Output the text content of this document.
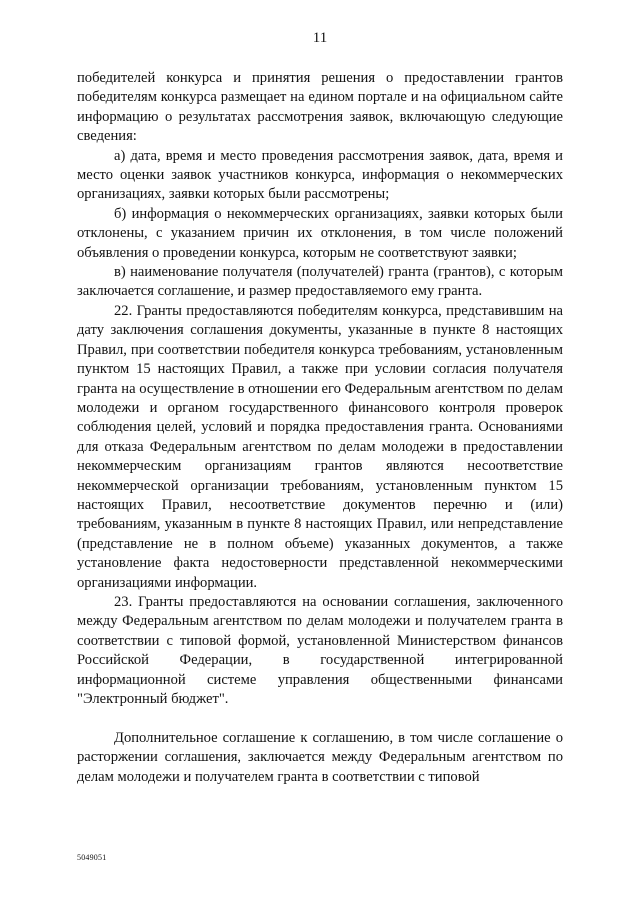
11

победителей конкурса и принятия решения о предоставлении грантов победителям конкурса размещает на едином портале и на официальном сайте информацию о результатах рассмотрения заявок, включающую следующие сведения:

а) дата, время и место проведения рассмотрения заявок, дата, время и место оценки заявок участников конкурса, информация о некоммерческих организациях, заявки которых были рассмотрены;

б) информация о некоммерческих организациях, заявки которых были отклонены, с указанием причин их отклонения, в том числе положений объявления о проведении конкурса, которым не соответствуют заявки;

в) наименование получателя (получателей) гранта (грантов), с которым заключается соглашение, и размер предоставляемого ему гранта.

22. Гранты предоставляются победителям конкурса, представившим на дату заключения соглашения документы, указанные в пункте 8 настоящих Правил, при соответствии победителя конкурса требованиям, установленным пунктом 15 настоящих Правил, а также при условии согласия получателя гранта на осуществление в отношении его Федеральным агентством по делам молодежи и органом государственного финансового контроля проверок соблюдения целей, условий и порядка предоставления гранта. Основаниями для отказа Федеральным агентством по делам молодежи в предоставлении некоммерческим организациям грантов являются несоответствие некоммерческой организации требованиям, установленным пунктом 15 настоящих Правил, несоответствие документов перечню и (или) требованиям, указанным в пункте 8 настоящих Правил, или непредставление (представление не в полном объеме) указанных документов, а также установление факта недостоверности представленной некоммерческими организациями информации.

23. Гранты предоставляются на основании соглашения, заключенного между Федеральным агентством по делам молодежи и получателем гранта в соответствии с типовой формой, установленной Министерством финансов Российской Федерации, в государственной интегрированной информационной системе управления общественными финансами "Электронный бюджет".

Дополнительное соглашение к соглашению, в том числе соглашение о расторжении соглашения, заключается между Федеральным агентством по делам молодежи и получателем гранта в соответствии с типовой

5049051
